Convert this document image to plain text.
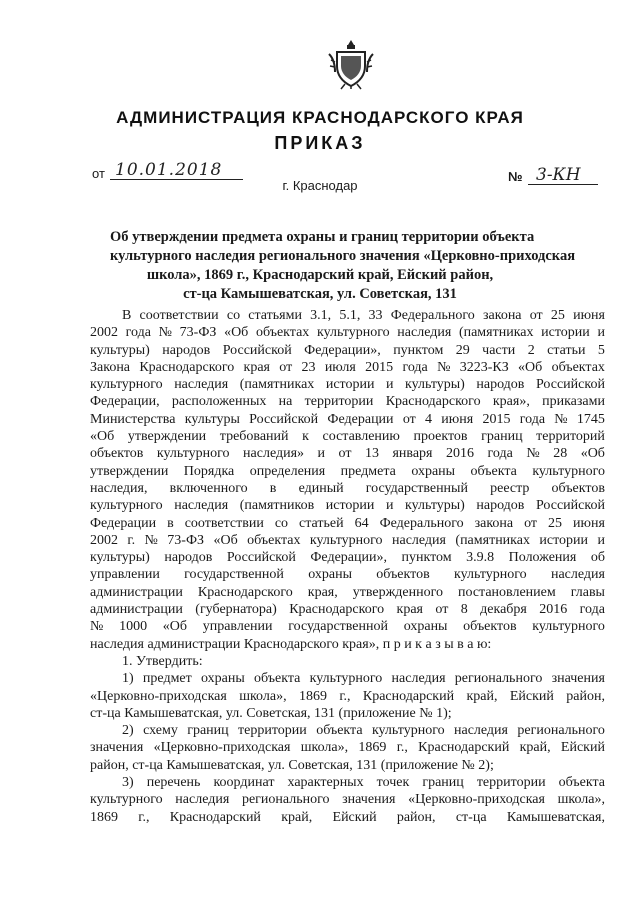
АДМИНИСТРАЦИЯ КРАСНОДАРСКОГО КРАЯ
ПРИКАЗ
от 10.01.2018
г. Краснодар
№ 3-КН
Об утверждении предмета охраны и границ территории объекта
культурного наследия регионального значения «Церковно-приходская
школа», 1869 г., Краснодарский край, Ейский район,
ст-ца Камышеватская, ул. Советская, 131
В соответствии со статьями 3.1, 5.1, 33 Федерального закона от 25 июня
2002 года № 73-ФЗ «Об объектах культурного наследия (памятниках истории и
культуры) народов Российской Федерации», пунктом 29 части 2 статьи 5
Закона Краснодарского края от 23 июля 2015 года № 3223-КЗ «Об объектах
культурного наследия (памятниках истории и культуры) народов Российской
Федерации, расположенных на территории Краснодарского края», приказами
Министерства культуры Российской Федерации от 4 июня 2015 года № 1745
«Об утверждении требований к составлению проектов границ территорий
объектов культурного наследия» и от 13 января 2016 года № 28 «Об
утверждении Порядка определения предмета охраны объекта культурного
наследия, включенного в единый государственный реестр объектов
культурного наследия (памятников истории и культуры) народов Российской
Федерации в соответствии со статьей 64 Федерального закона от 25 июня
2002 г. № 73-ФЗ «Об объектах культурного наследия (памятниках истории и
культуры) народов Российской Федерации», пунктом 3.9.8 Положения об
управлении государственной охраны объектов культурного наследия
администрации Краснодарского края, утвержденного постановлением главы
администрации (губернатора) Краснодарского края от 8 декабря 2016 года
№ 1000 «Об управлении государственной охраны объектов культурного
наследия администрации Краснодарского края», п р и к а з ы в а ю:
1. Утвердить:
1) предмет охраны объекта культурного наследия регионального значения
«Церковно-приходская школа», 1869 г., Краснодарский край, Ейский район,
ст-ца Камышеватская, ул. Советская, 131 (приложение № 1);
2) схему границ территории объекта культурного наследия регионального
значения «Церковно-приходская школа», 1869 г., Краснодарский край, Ейский
район, ст-ца Камышеватская, ул. Советская, 131 (приложение № 2);
3) перечень координат характерных точек границ территории объекта
культурного наследия регионального значения «Церковно-приходская школа»,
1869 г., Краснодарский край, Ейский район, ст-ца Камышеватская,
